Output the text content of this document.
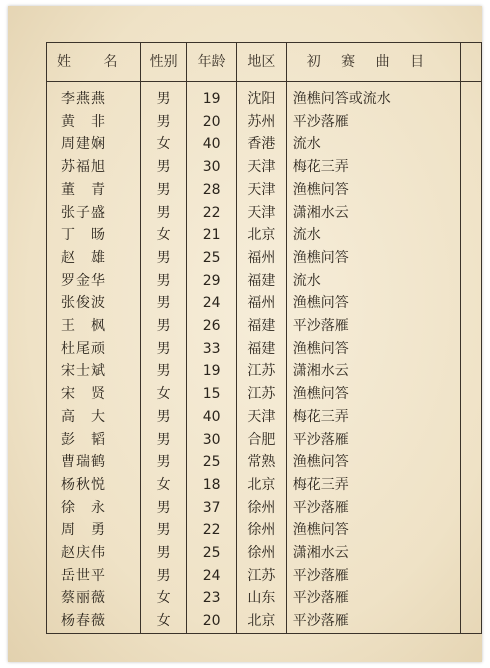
姓 名	性别	年龄	地区	初 赛 曲 目	
李燕燕	男	19	沈阳	渔樵问答或流水	
黄　非	男	20	苏州	平沙落雁	
周建娴	女	40	香港	流水	
苏福旭	男	30	天津	梅花三弄	
董　青	男	28	天津	渔樵问答	
张子盛	男	22	天津	潇湘水云	
丁　旸	女	21	北京	流水	
赵　雄	男	25	福州	渔樵问答	
罗金华	男	29	福建	流水	
张俊波	男	24	福州	渔樵问答	
王　枫	男	26	福建	平沙落雁	
杜尾顽	男	33	福建	渔樵问答	
宋士斌	男	19	江苏	潇湘水云	
宋　贤	女	15	江苏	渔樵问答	
高　大	男	40	天津	梅花三弄	
彭　韬	男	30	合肥	平沙落雁	
曹瑞鹤	男	25	常熟	渔樵问答	
杨秋悦	女	18	北京	梅花三弄	
徐　永	男	37	徐州	平沙落雁	
周　勇	男	22	徐州	渔樵问答	
赵庆伟	男	25	徐州	潇湘水云	
岳世平	男	24	江苏	平沙落雁	
蔡丽薇	女	23	山东	平沙落雁	
杨春薇	女	20	北京	平沙落雁	
